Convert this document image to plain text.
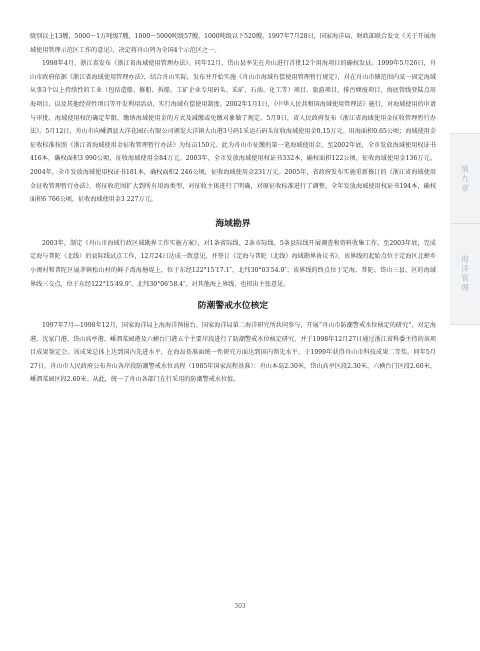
级别以上13艘，5000～1万吨级7艘，1000～5000吨级57艘，1000吨级以下520艘。1997年7月28日，国家海洋局、财政部联合发文《关于开展海域使用管理示范区工作的意见》，决定将舟山列为全国4个示范区之一。

1998年4月，浙江省发布《浙江省海域使用管理办法》。同年12月，岱山县率先在舟山进行首批12个用海项目的确权发证。1999年5月26日，舟山市政府依据《浙江省海域使用管理办法》，结合舟山实际，发布并开始实施《舟山市海域有偿使用管理暂行规定》，对在舟山市辖范围内某一固定海域从事3个以上持续性的工业（包括造船、修船、拆船、工矿企业专用码头、采矿、石油、化工等）项目、旅游项目、排污倾废项目、海底管线登陆点用海项目，以及其他经营性项目等开发利用活动，实行海域有偿使用制度。2002年1月1日，《中华人民共和国海域使用管理法》施行，对海域使用的申请与审批、海域使用权的确定年限、缴纳海域使用金的方式及减缴或免缴对象做了规定。5月9日，省人民政府发布《浙江省海域使用金征收管理暂行办法》。5月12日，舟山市向嵊泗县大洋花园石有限公司颁发大洋镇大山港3号码1采运石码头征收海域使用金0.15万元。用海面积0.65公顷；海域使用金征收标准按照《浙江省海域使用金征收管理暂行办法》为每亩150元。此为舟山市征缴的第一笔海域使用金。至2002年底，全市发放海域使用权证书416本，确权面积3 990公顷，征收海域使用金84万元。2003年，全市发放海域使用权证书332本，确权面积122公顷，征收海域使用金136万元。2004年，全市发放海域使用权证书181本，确权面积2 246公顷，征收海域使用金231万元。2005年，省政府发布实施重新修订的《浙江省海域使用金征收管理暂行办法》，将征收范围扩大到所有用海类型，对征收主体进行了明确，对原征收标准进行了调整。全年发放海域使用权证书194本，确权面积6 766公顷，征收海域使用金3 227万元。

海域勘界

2003年，制定《舟山市海域行政区域勘界工作实施方案》，对1条省际线、2条市际线、5条县际线开展调查和资料收集工作。至2003年底，完成定海与普陀（北线）的县际线试点工作，12月24日达成一致意见，并签订《定海与普陀（北线）海域勘界协议书》。该界线的起始点位于定海区北蝉乡小闽村和普陀区展茅镇松山村的鲜子湾海塘堤上，位于东经122°15′17.1″、北纬30°03′54.9″；该界线的终点位于定海、普陀、岱山三县、区的海域界线三交点，位于东经122°15′49.9″、北纬30°06′58.4″。对其他海上界线，也拟出主张意见。

防潮警戒水位核定

1997年7月—1998年12月，国家海洋局上海海洋预报台、国家海洋局第二海洋研究所共同参与，开展“舟山市防潮警戒水位核定的研究”，对定海港、沈家门港、岱山高亭港、嵊泗菜园港及六横台门港五个主要岸段进行了防潮警戒水位核定研究，并于1998年12月27日通过浙江省科委主持的该项目成果鉴定会。该成果总体上达到国内先进水平，在海岛基准面统一性研究方面达到国内领先水平，于1999年获得舟山市科技成果二等奖。同年5月27日，舟山市人民政府公布舟山各岸段防潮警戒水位高程（1985年国家高程基准）：舟山本岛2.30米，岱山高亭区段2.30米，六横台门区段2.60米，嵊泗菜园区段2.60米。从此，统一了舟山各部门在行采用的防潮警戒水位值。

第九章
海洋管理
303
